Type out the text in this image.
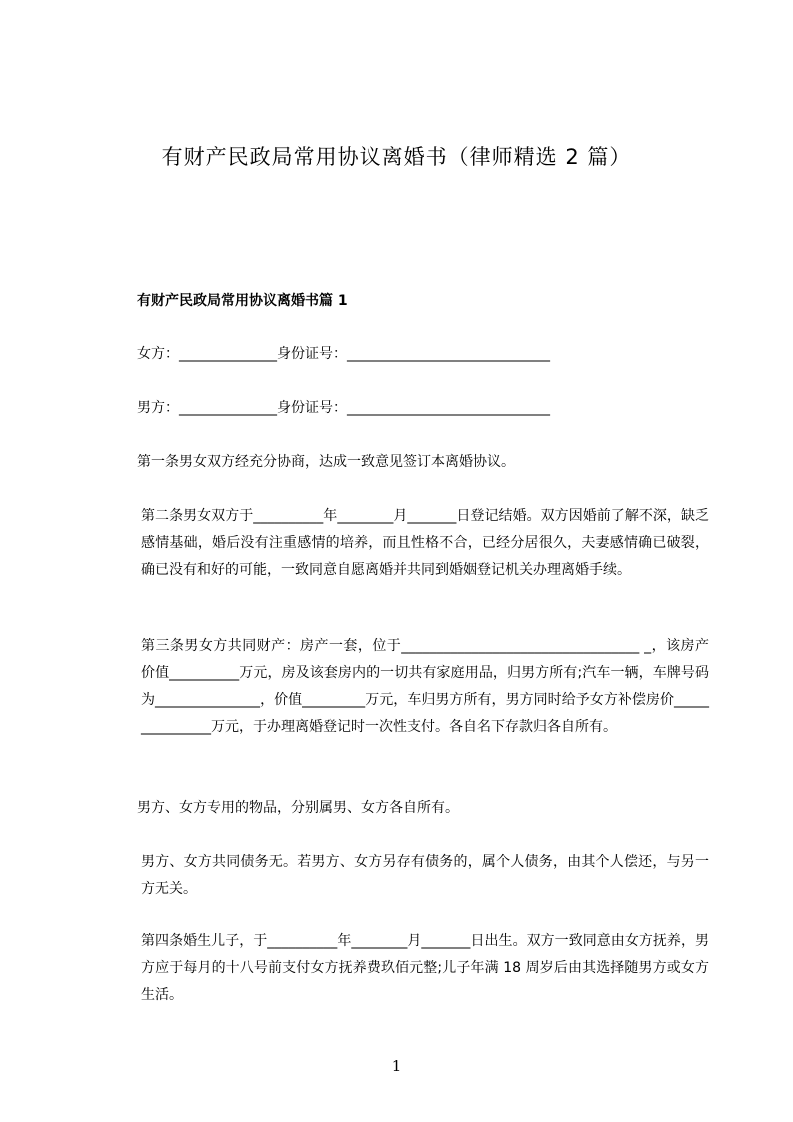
有财产民政局常用协议离婚书（律师精选 2 篇）
有财产民政局常用协议离婚书篇 1

女方：______________身份证号：_____________________________

男方：______________身份证号：_____________________________

第一条男女双方经充分协商，达成一致意见签订本离婚协议。

第二条男女双方于__________年________月_______日登记结婚。双方因婚前了解不深，缺乏感情基础，婚后没有注重感情的培养，而且性格不合，已经分居很久，夫妻感情确已破裂，确已没有和好的可能，一致同意自愿离婚并共同到婚姻登记机关办理离婚手续。

第三条男女方共同财产：房产一套，位于__________________________________ _，该房产价值__________万元，房及该套房内的一切共有家庭用品，归男方所有;汽车一辆，车牌号码为_______________，价值_________万元，车归男方所有，男方同时给予女方补偿房价_______________万元，于办理离婚登记时一次性支付。各自名下存款归各自所有。

男方、女方专用的物品，分别属男、女方各自所有。

男方、女方共同债务无。若男方、女方另存有债务的，属个人债务，由其个人偿还，与另一方无关。

第四条婚生儿子，于__________年________月_______日出生。双方一致同意由女方抚养，男方应于每月的十八号前支付女方抚养费玖佰元整;儿子年满 18 周岁后由其选择随男方或女方生活。

1
